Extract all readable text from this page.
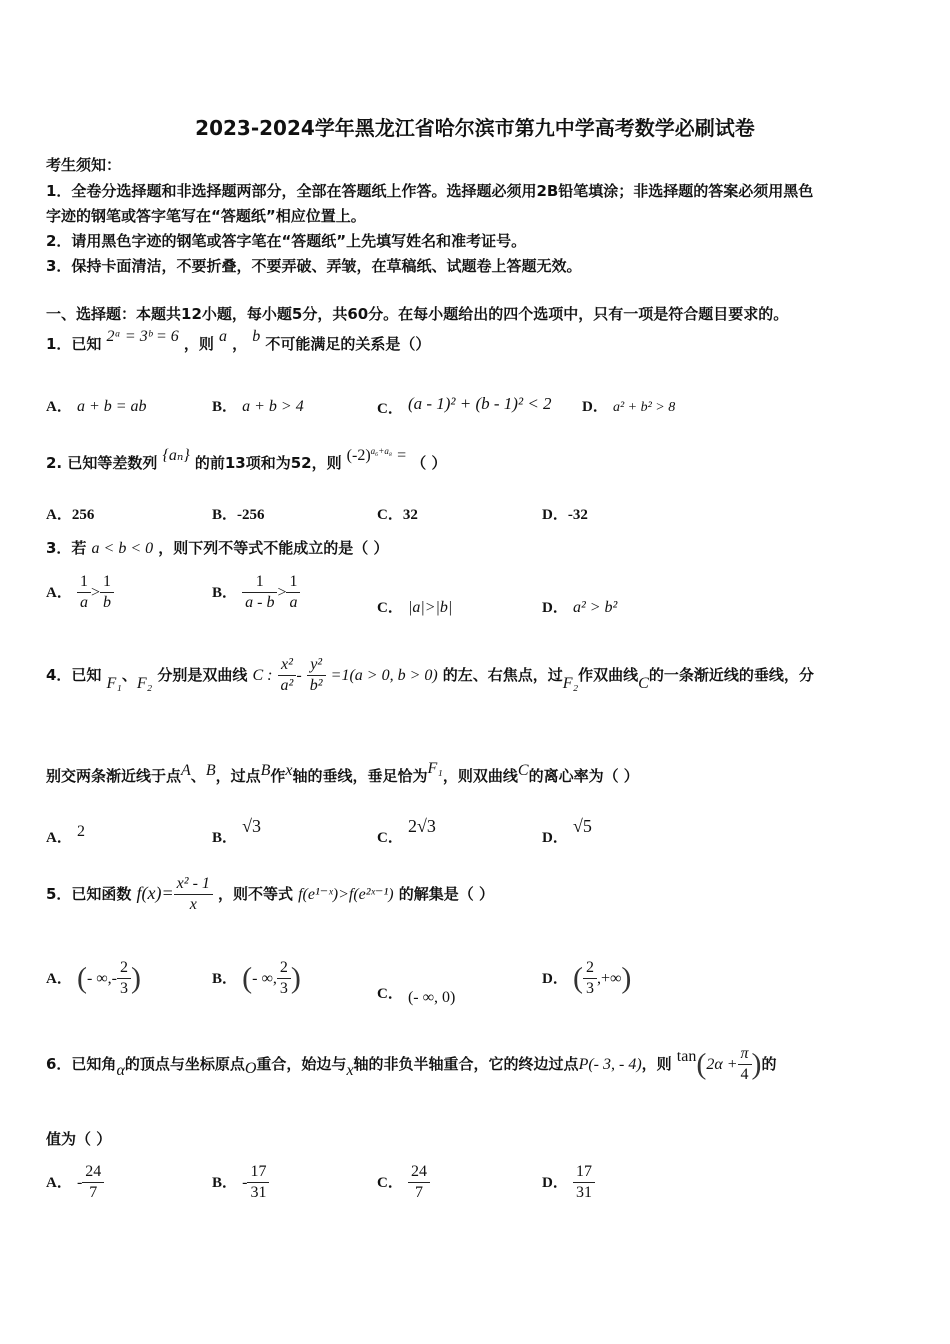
2023-2024学年黑龙江省哈尔滨市第九中学高考数学必刷试卷
考生须知：
1．全卷分选择题和非选择题两部分，全部在答题纸上作答。选择题必须用2B铅笔填涂；非选择题的答案必须用黑色
字迹的钢笔或答字笔写在“答题纸”相应位置上。
2．请用黑色字迹的钢笔或答字笔在“答题纸”上先填写姓名和准考证号。
3．保持卡面清洁，不要折叠，不要弄破、弄皱，在草稿纸、试题卷上答题无效。
一、选择题：本题共12小题，每小题5分，共60分。在每小题给出的四个选项中，只有一项是符合题目要求的。
1．已知 2ᵃ = 3ᵇ = 6 ，则 a ， b 不可能满足的关系是（）
A． a + b = ab	B． a + b > 4	C． (a - 1)² + (b - 1)² < 2 D． a² + b² > 8
2. 已知等差数列 {aₙ} 的前13项和为52，则 $(-2)^{a_6+a_8}$ = （ ）
A．256	B．-256	C．32	D．-32
3．若 a < b < 0 ，则下列不等式不能成立的是（ ）
A． $\frac{1}{a} > \frac{1}{b}$	B． $\frac{1}{a - b} > \frac{1}{a}$	C． |a|>|b|	D． a² > b²
4．已知 F₁、F₂ 分别是双曲线 C : $\frac{\text{x²}}{\text{a²}} - \frac{\text{y²}}{\text{b²}} =1(a > 0$, b > 0) 的左、右焦点，过F₂作双曲线C的一条渐近线的垂线，分
别交两条渐近线于点A、B，过点B作x轴的垂线，垂足恰为F₁，则双曲线C的离心率为（ ）
A． 2	B． √3
C． 2√3
D． √5
5．已知函数 $f(x)= \frac{\text{x² - 1}}{x}$ ，则不等式 f(e¹⁻ˣ)>f(e²ˣ⁻¹) 的解集是（ ）
A． (- ∞,- $\frac{2}{3}$ )	B． (- ∞, $\frac{2}{3}$ )	C． (- ∞, 0)
D． ( $\frac{2}{3}$ ,+∞)
6．已知角α的顶点与坐标原点O重合，始边与x轴的非负半轴重合，它的终边过点P(- 3, - 4)，则 $\tan(2\alpha + \frac{\pi}{4}$ )的
值为（ ）
A． - $\frac{24}{7}$	B． - $\frac{17}{31}$	C． $\frac{24}{7}$	D． $\frac{17}{31}$
